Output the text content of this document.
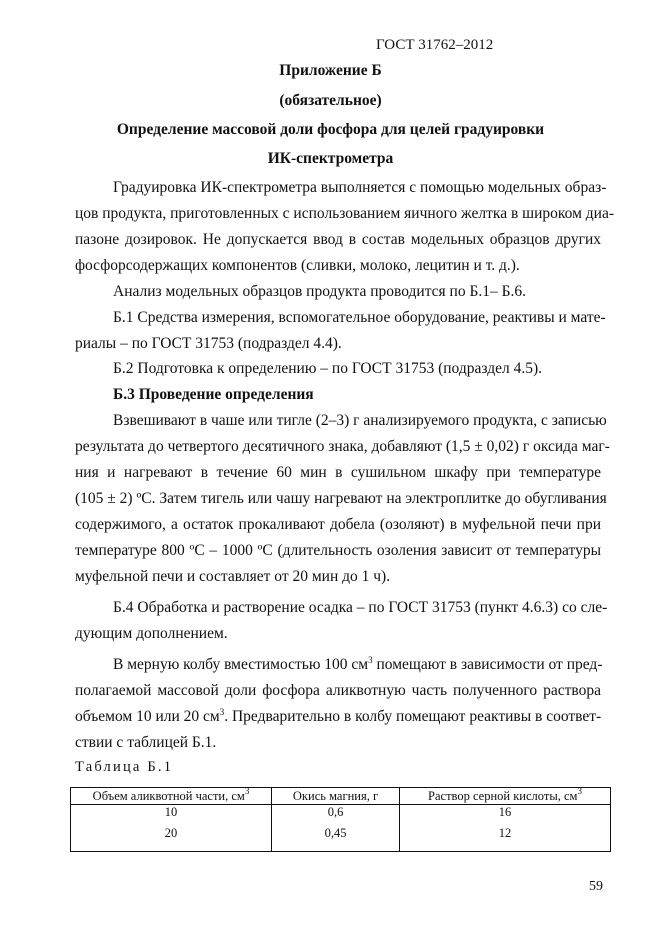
ГОСТ 31762–2012
Приложение Б
(обязательное)
Определение массовой доли фосфора для целей градуировки
ИК-спектрометра
Градуировка ИК-спектрометра выполняется с помощью модельных образ-
цов продукта, приготовленных с использованием яичного желтка в широком диа-
пазоне дозировок. Не допускается ввод в состав модельных образцов других
фосфорсодержащих компонентов (сливки, молоко, лецитин и т. д.).
Анализ модельных образцов продукта проводится по Б.1– Б.6.
Б.1 Средства измерения, вспомогательное оборудование, реактивы и мате-
риалы – по ГОСТ 31753 (подраздел 4.4).
Б.2 Подготовка к определению – по ГОСТ 31753 (подраздел 4.5).
Б.3 Проведение определения
Взвешивают в чаше или тигле (2–3) г анализируемого продукта, с записью
результата до четвертого десятичного знака, добавляют (1,5 ± 0,02) г оксида маг-
ния и нагревают в течение 60 мин в сушильном шкафу при температуре
(105 ± 2) ºС. Затем тигель или чашу нагревают на электроплитке до обугливания
содержимого, а остаток прокаливают добела (озоляют) в муфельной печи при
температуре 800 ºС – 1000 ºС (длительность озоления зависит от температуры
муфельной печи и составляет от 20 мин до 1 ч).
Б.4 Обработка и растворение осадка – по ГОСТ 31753 (пункт 4.6.3) со сле-
дующим дополнением.
В мерную колбу вместимостью 100 $см^3$ помещают в зависимости от пред-
полагаемой массовой доли фосфора аликвотную часть полученного раствора
объемом 10 или 20 $см^3$. Предварительно в колбу помещают реактивы в соответ-
ствии с таблицей Б.1.
Таблица Б.1
Объем аликвотной части, $см^3$	Окись магния, г	Раствор серной кислоты, $см^3$
10	0,6	16
20	0,45	12
59
